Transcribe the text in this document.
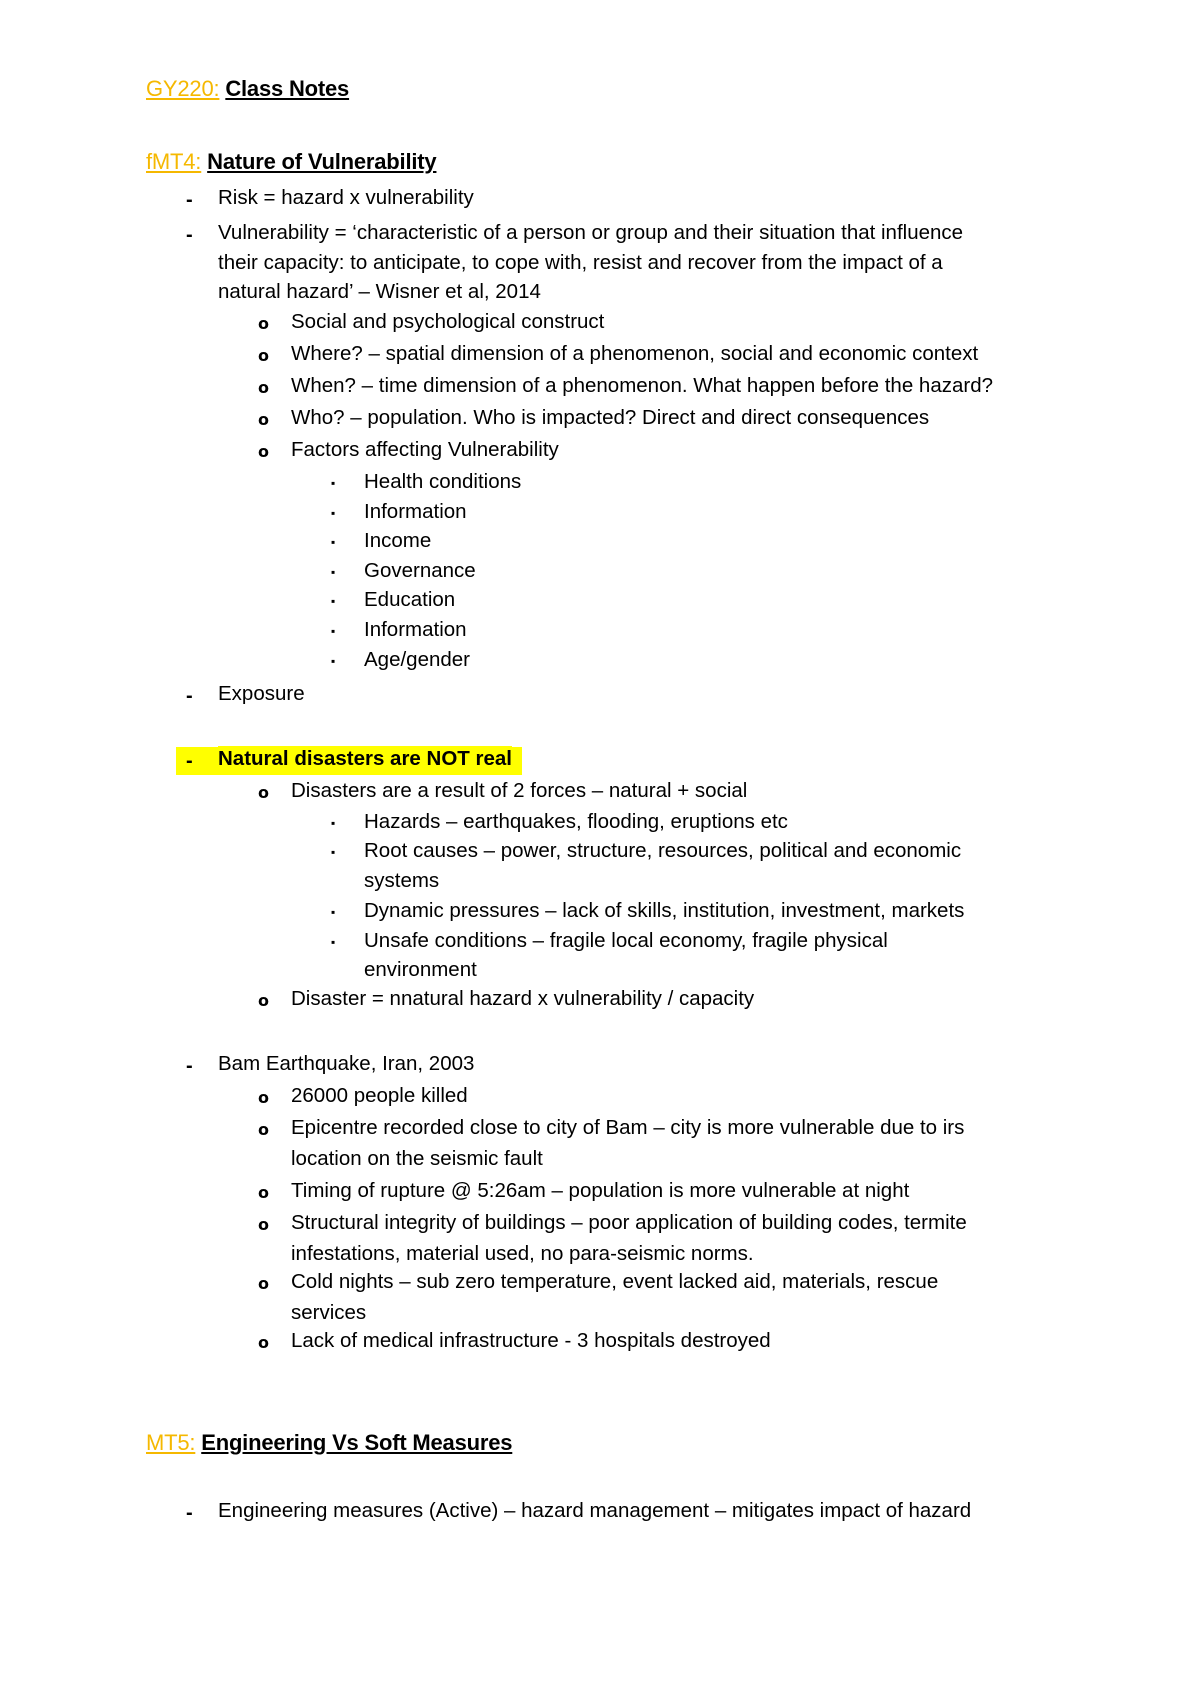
GY220: Class Notes
fMT4: Nature of Vulnerability
- Risk = hazard x vulnerability
- Vulnerability = ‘characteristic of a person or group and their situation that influence
their capacity: to anticipate, to cope with, resist and recover from the impact of a
natural hazard’ – Wisner et al, 2014
o Social and psychological construct
o Where? – spatial dimension of a phenomenon, social and economic context
o When? – time dimension of a phenomenon. What happen before the hazard?
o Who? – population. Who is impacted? Direct and direct consequences
o Factors affecting Vulnerability
▪ Health conditions
▪ Information
▪ Income
▪ Governance
▪ Education
▪ Information
▪ Age/gender
- Exposure
- Natural disasters are NOT real
o Disasters are a result of 2 forces – natural + social
▪ Hazards – earthquakes, flooding, eruptions etc
▪ Root causes – power, structure, resources, political and economic
systems
▪ Dynamic pressures – lack of skills, institution, investment, markets
▪ Unsafe conditions – fragile local economy, fragile physical
environment
o Disaster = nnatural hazard x vulnerability / capacity
- Bam Earthquake, Iran, 2003
o 26000 people killed
o Epicentre recorded close to city of Bam – city is more vulnerable due to irs
location on the seismic fault
o Timing of rupture @ 5:26am – population is more vulnerable at night
o Structural integrity of buildings – poor application of building codes, termite
infestations, material used, no para-seismic norms.
o Cold nights – sub zero temperature, event lacked aid, materials, rescue
services
o Lack of medical infrastructure - 3 hospitals destroyed
MT5: Engineering Vs Soft Measures
- Engineering measures (Active) – hazard management – mitigates impact of hazard
